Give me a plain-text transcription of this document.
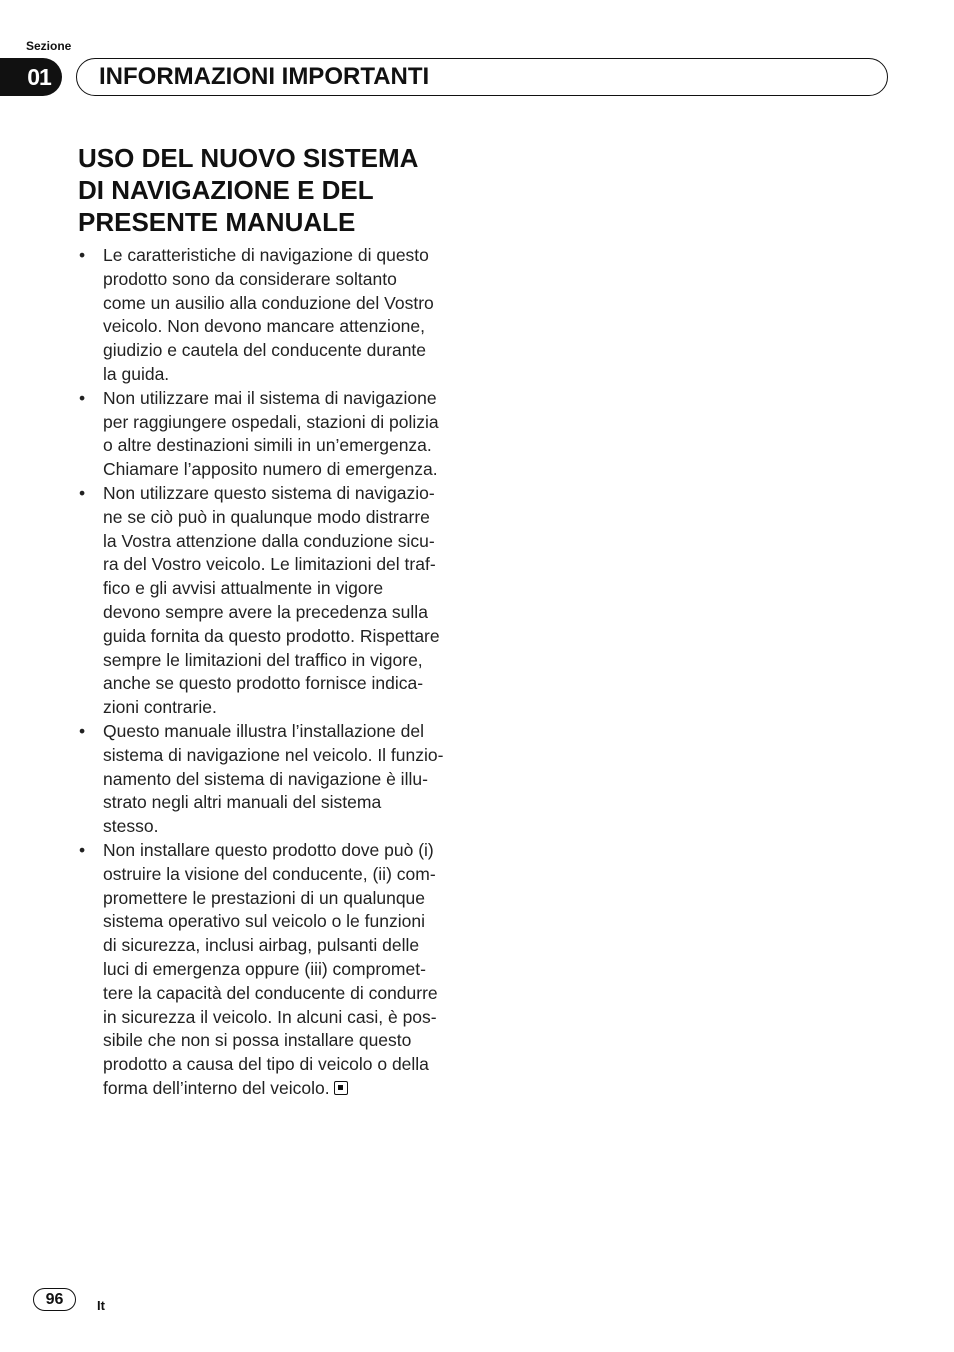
Sezione
01	INFORMAZIONI IMPORTANTI
USO DEL NUOVO SISTEMA
DI NAVIGAZIONE E DEL
PRESENTE MANUALE
• Le caratteristiche di navigazione di questo
prodotto sono da considerare soltanto
come un ausilio alla conduzione del Vostro
veicolo. Non devono mancare attenzione,
giudizio e cautela del conducente durante
la guida.
• Non utilizzare mai il sistema di navigazione
per raggiungere ospedali, stazioni di polizia
o altre destinazioni simili in un’emergenza.
Chiamare l’apposito numero di emergenza.
• Non utilizzare questo sistema di navigazio-
ne se ciò può in qualunque modo distrarre
la Vostra attenzione dalla conduzione sicu-
ra del Vostro veicolo. Le limitazioni del traf-
fico e gli avvisi attualmente in vigore
devono sempre avere la precedenza sulla
guida fornita da questo prodotto. Rispettare
sempre le limitazioni del traffico in vigore,
anche se questo prodotto fornisce indica-
zioni contrarie.
• Questo manuale illustra l’installazione del
sistema di navigazione nel veicolo. Il funzio-
namento del sistema di navigazione è illu-
strato negli altri manuali del sistema
stesso.
• Non installare questo prodotto dove può (i)
ostruire la visione del conducente, (ii) com-
promettere le prestazioni di un qualunque
sistema operativo sul veicolo o le funzioni
di sicurezza, inclusi airbag, pulsanti delle
luci di emergenza oppure (iii) compromet-
tere la capacità del conducente di condurre
in sicurezza il veicolo. In alcuni casi, è pos-
sibile che non si possa installare questo
prodotto a causa del tipo di veicolo o della
forma dell’interno del veicolo.
96	It
